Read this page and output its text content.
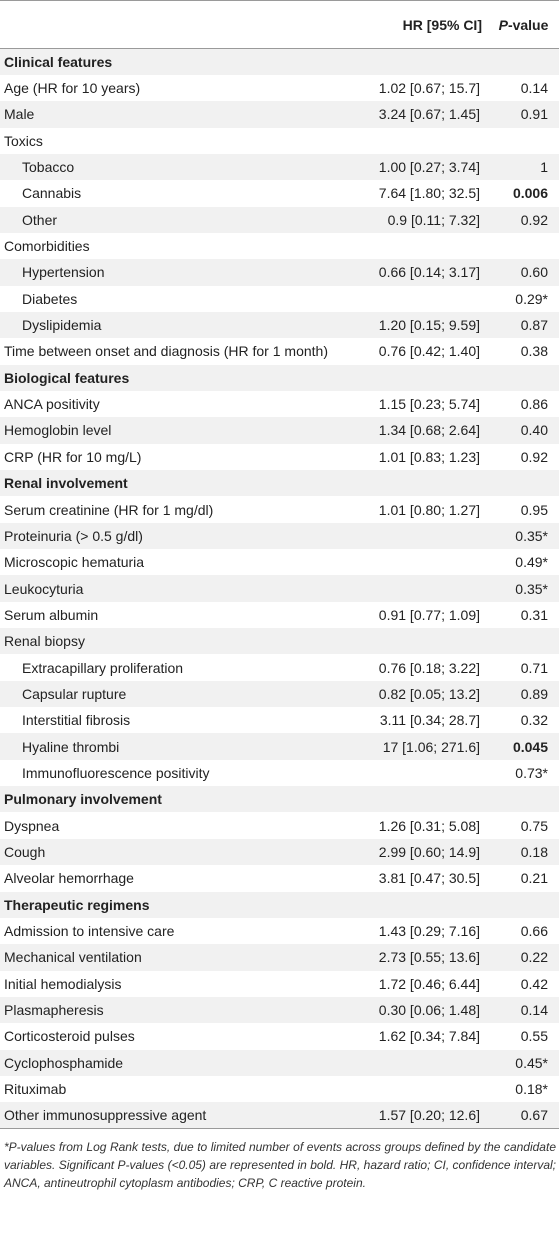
	HR [95% CI]	P-value
Clinical features		
Age (HR for 10 years)	1.02 [0.67; 15.7]	0.14
Male	3.24 [0.67; 1.45]	0.91
Toxics		
Tobacco	1.00 [0.27; 3.74]	1
Cannabis	7.64 [1.80; 32.5]	0.006
Other	0.9 [0.11; 7.32]	0.92
Comorbidities		
Hypertension	0.66 [0.14; 3.17]	0.60
Diabetes		0.29*
Dyslipidemia	1.20 [0.15; 9.59]	0.87
Time between onset and diagnosis (HR for 1 month)	0.76 [0.42; 1.40]	0.38
Biological features		
ANCA positivity	1.15 [0.23; 5.74]	0.86
Hemoglobin level	1.34 [0.68; 2.64]	0.40
CRP (HR for 10 mg/L)	1.01 [0.83; 1.23]	0.92
Renal involvement		
Serum creatinine (HR for 1 mg/dl)	1.01 [0.80; 1.27]	0.95
Proteinuria (> 0.5 g/dl)		0.35*
Microscopic hematuria		0.49*
Leukocyturia		0.35*
Serum albumin	0.91 [0.77; 1.09]	0.31
Renal biopsy		
Extracapillary proliferation	0.76 [0.18; 3.22]	0.71
Capsular rupture	0.82 [0.05; 13.2]	0.89
Interstitial fibrosis	3.11 [0.34; 28.7]	0.32
Hyaline thrombi	17 [1.06; 271.6]	0.045
Immunofluorescence positivity		0.73*
Pulmonary involvement		
Dyspnea	1.26 [0.31; 5.08]	0.75
Cough	2.99 [0.60; 14.9]	0.18
Alveolar hemorrhage	3.81 [0.47; 30.5]	0.21
Therapeutic regimens		
Admission to intensive care	1.43 [0.29; 7.16]	0.66
Mechanical ventilation	2.73 [0.55; 13.6]	0.22
Initial hemodialysis	1.72 [0.46; 6.44]	0.42
Plasmapheresis	0.30 [0.06; 1.48]	0.14
Corticosteroid pulses	1.62 [0.34; 7.84]	0.55
Cyclophosphamide		0.45*
Rituximab		0.18*
Other immunosuppressive agent	1.57 [0.20; 12.6]	0.67
*P-values from Log Rank tests, due to limited number of events across groups defined by the candidate variables. Significant P-values (<0.05) are represented in bold. HR, hazard ratio; CI, confidence interval; ANCA, antineutrophil cytoplasm antibodies; CRP, C reactive protein.
